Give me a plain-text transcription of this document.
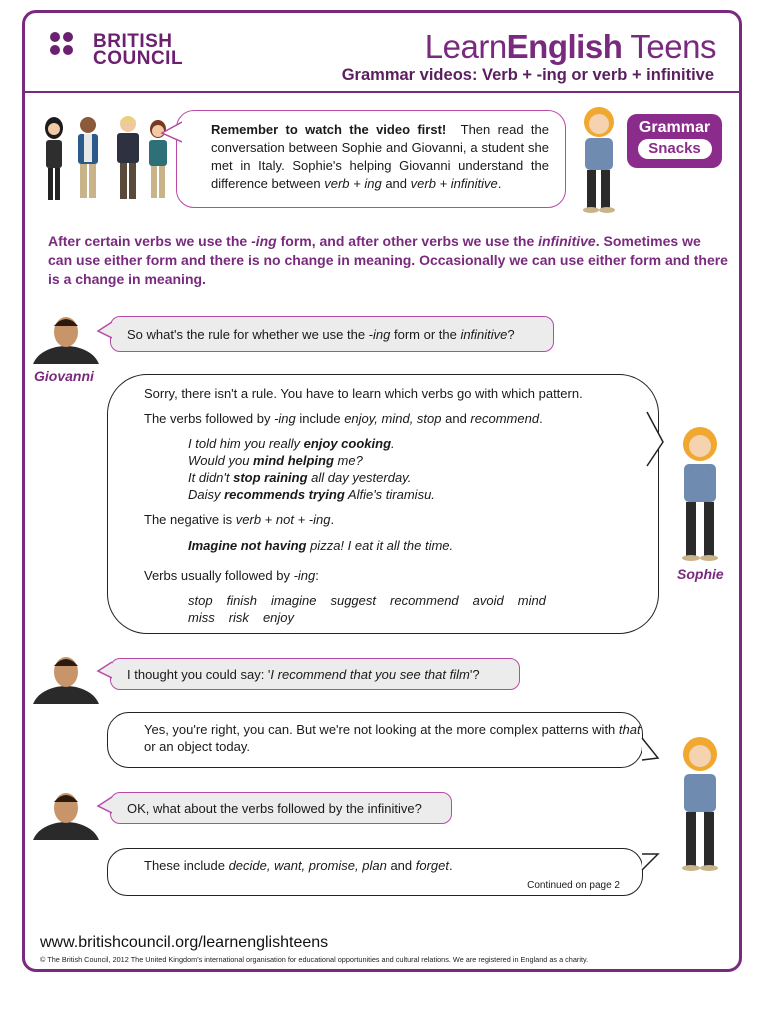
BRITISH
COUNCIL	LearnEnglish Teens
Grammar videos: Verb + -ing or verb + infinitive
Remember to watch the video first! Then read the conversation between Sophie and Giovanni, a student she met in Italy. Sophie's helping Giovanni understand the difference between verb + ing and verb + infinitive.
Grammar
Snacks
After certain verbs we use the -ing form, and after other verbs we use the infinitive. Sometimes we can use either form and there is no change in meaning. Occasionally we can use either form and there is a change in meaning.
Giovanni
So what's the rule for whether we use the -ing form or the infinitive?
Sorry, there isn't a rule. You have to learn which verbs go with which pattern.
The verbs followed by -ing include enjoy, mind, stop and recommend.
I told him you really enjoy cooking.
Would you mind helping me?
It didn't stop raining all day yesterday.
Daisy recommends trying Alfie's tiramisu.
The negative is verb + not + -ing.
Imagine not having pizza! I eat it all the time.
Verbs usually followed by -ing:
stop finish imagine suggest recommend avoid mind
miss risk enjoy
Sophie
I thought you could say: 'I recommend that you see that film'?
Yes, you're right, you can. But we're not looking at the more complex patterns with that or an object today.
OK, what about the verbs followed by the infinitive?
These include decide, want, promise, plan and forget.
Continued on page 2
www.britishcouncil.org/learnenglishteens
© The British Council, 2012 The United Kingdom's international organisation for educational opportunities and cultural relations. We are registered in England as a charity.
